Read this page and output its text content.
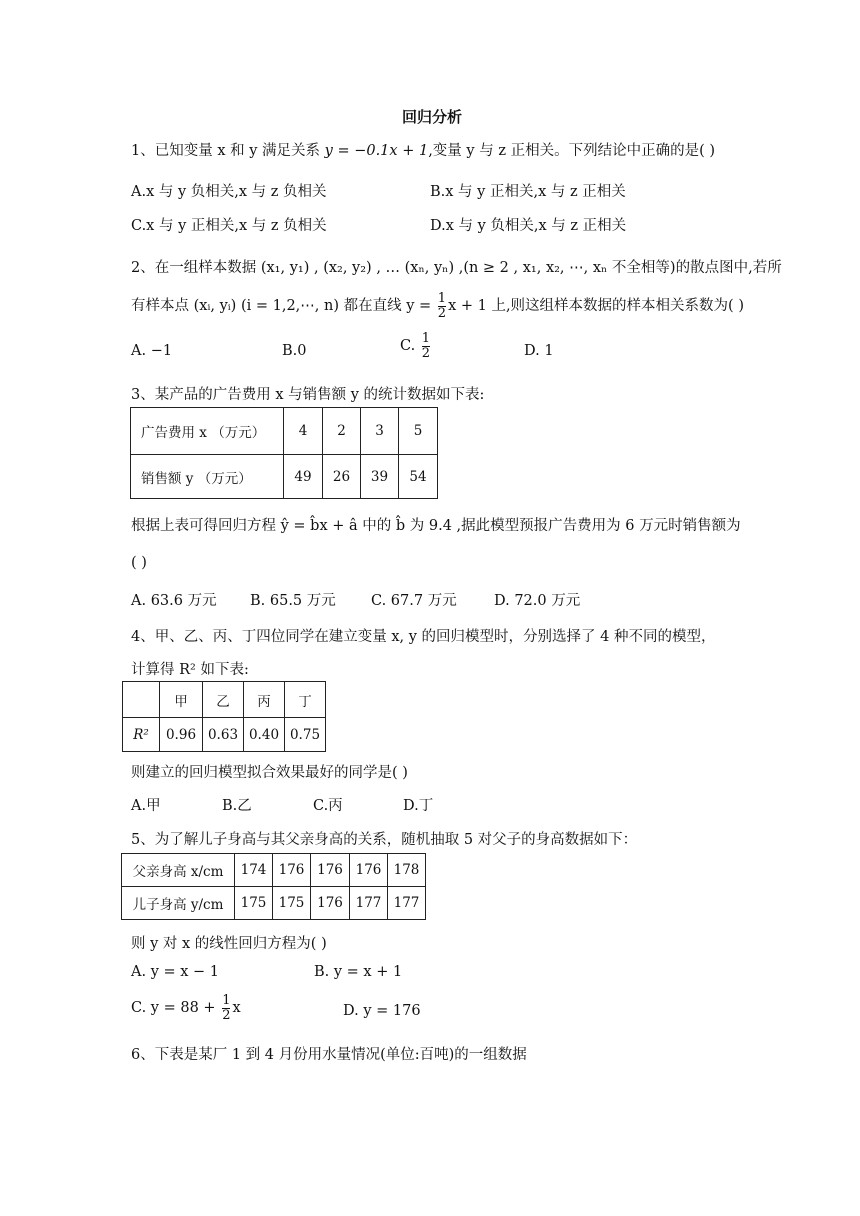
回归分析
1、已知变量 x 和 y 满足关系 y = −0.1x + 1,变量 y 与 z 正相关。下列结论中正确的是( )
A.x 与 y 负相关,x 与 z 负相关	B.x 与 y 正相关,x 与 z 正相关
C.x 与 y 正相关,x 与 z 负相关	D.x 与 y 负相关,x 与 z 正相关
2、在一组样本数据 (x₁, y₁) , (x₂, y₂) , … (xₙ, yₙ) ,(n ≥ 2 , x₁, x₂, ⋯, xₙ 不全相等)的散点图中,若所
有样本点 (xᵢ, yᵢ) (i = 1,2,⋯, n) 都在直线 $y = \frac{1}{2}$ x + 1 上,则这组样本数据的样本相关系数为( )
A. −1	B.0	C. $\frac{1}{2}$	D. 1
3、某产品的广告费用 x 与销售额 y 的统计数据如下表:
广告费用 x （万元）	4	2	3	5
销售额 y （万元）	49	26	39	54
根据上表可得回归方程 ŷ = b̂x + â 中的 b̂ 为 9.4 ,据此模型预报广告费用为 6 万元时销售额为
( )
A. 63.6 万元 B. 65.5 万元 C. 67.7 万元	D. 72.0 万元
4、甲、乙、丙、丁四位同学在建立变量 x, y 的回归模型时，分别选择了 4 种不同的模型，
计算得 R² 如下表:
	甲	乙	丙	丁
R²	0.96	0.63	0.40	0.75
则建立的回归模型拟合效果最好的同学是( )
A.甲	B.乙	C.丙	D.丁
5、为了解儿子身高与其父亲身高的关系，随机抽取 5 对父子的身高数据如下：
父亲身高 x/cm	174	176	176	176	178
儿子身高 y/cm	175	175	176	177	177
则 y 对 x 的线性回归方程为( )
A. y = x − 1	B. y = x + 1
C. $y = 88 + \frac{1}{2}$ x	D. y = 176
6、下表是某厂 1 到 4 月份用水量情况(单位:百吨)的一组数据
